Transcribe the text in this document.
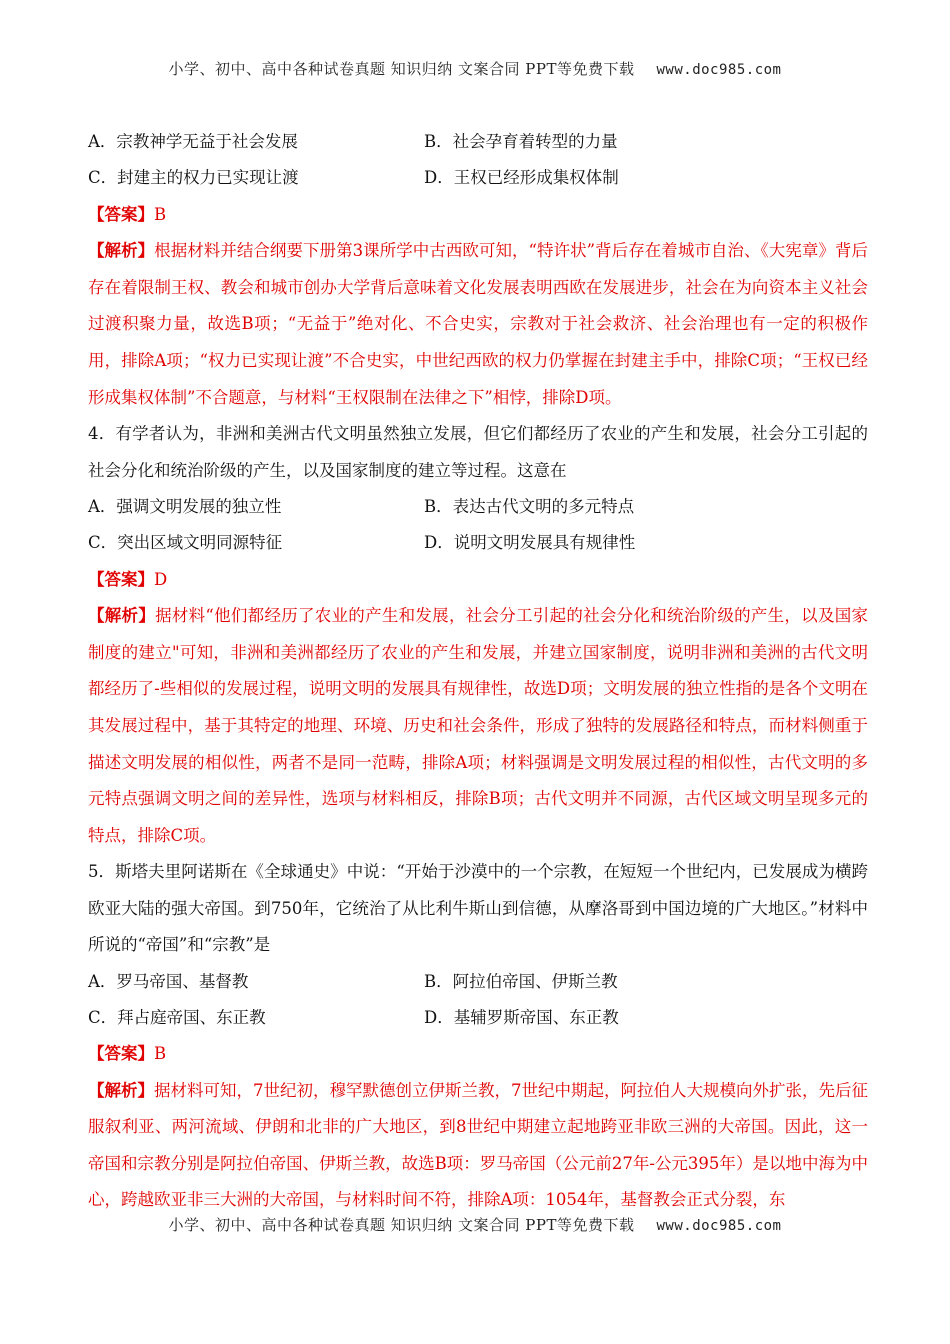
小学、初中、高中各种试卷真题 知识归纳 文案合同 PPT等免费下载 www.doc985.com
A．宗教神学无益于社会发展	B．社会孕育着转型的力量
C．封建主的权力已实现让渡	D．王权已经形成集权体制
【答案】B
【解析】根据材料并结合纲要下册第3课所学中古西欧可知，“特许状”背后存在着城市自治、《大宪章》背后存在着限制王权、教会和城市创办大学背后意味着文化发展表明西欧在发展进步，社会在为向资本主义社会过渡积聚力量，故选B项；“无益于”绝对化、不合史实，宗教对于社会救济、社会治理也有一定的积极作用，排除A项；“权力已实现让渡”不合史实，中世纪西欧的权力仍掌握在封建主手中，排除C项；“王权已经形成集权体制”不合题意，与材料“王权限制在法律之下”相悖，排除D项。
4．有学者认为，非洲和美洲古代文明虽然独立发展，但它们都经历了农业的产生和发展，社会分工引起的社会分化和统治阶级的产生，以及国家制度的建立等过程。这意在
A．强调文明发展的独立性	B．表达古代文明的多元特点
C．突出区域文明同源特征	D．说明文明发展具有规律性
【答案】D
【解析】据材料“他们都经历了农业的产生和发展，社会分工引起的社会分化和统治阶级的产生，以及国家制度的建立"可知，非洲和美洲都经历了农业的产生和发展，并建立国家制度，说明非洲和美洲的古代文明都经历了-些相似的发展过程，说明文明的发展具有规律性，故选D项；文明发展的独立性指的是各个文明在其发展过程中，基于其特定的地理、环境、历史和社会条件，形成了独特的发展路径和特点，而材料侧重于描述文明发展的相似性，两者不是同一范畴，排除A项；材料强调是文明发展过程的相似性，古代文明的多元特点强调文明之间的差异性，选项与材料相反，排除B项；古代文明并不同源，古代区域文明呈现多元的特点，排除C项。
5．斯塔夫里阿诺斯在《全球通史》中说：“开始于沙漠中的一个宗教，在短短一个世纪内，已发展成为横跨欧亚大陆的强大帝国。到750年，它统治了从比利牛斯山到信德，从摩洛哥到中国边境的广大地区。”材料中所说的“帝国”和“宗教”是
A．罗马帝国、基督教	B．阿拉伯帝国、伊斯兰教
C．拜占庭帝国、东正教	D．基辅罗斯帝国、东正教
【答案】B
【解析】据材料可知，7世纪初，穆罕默德创立伊斯兰教，7世纪中期起，阿拉伯人大规模向外扩张，先后征服叙利亚、两河流域、伊朗和北非的广大地区，到8世纪中期建立起地跨亚非欧三洲的大帝国。因此，这一帝国和宗教分别是阿拉伯帝国、伊斯兰教，故选B项：罗马帝国（公元前27年-公元395年）是以地中海为中心，跨越欧亚非三大洲的大帝国，与材料时间不符，排除A项：1054年，基督教会正式分裂，东
小学、初中、高中各种试卷真题 知识归纳 文案合同 PPT等免费下载 www.doc985.com
